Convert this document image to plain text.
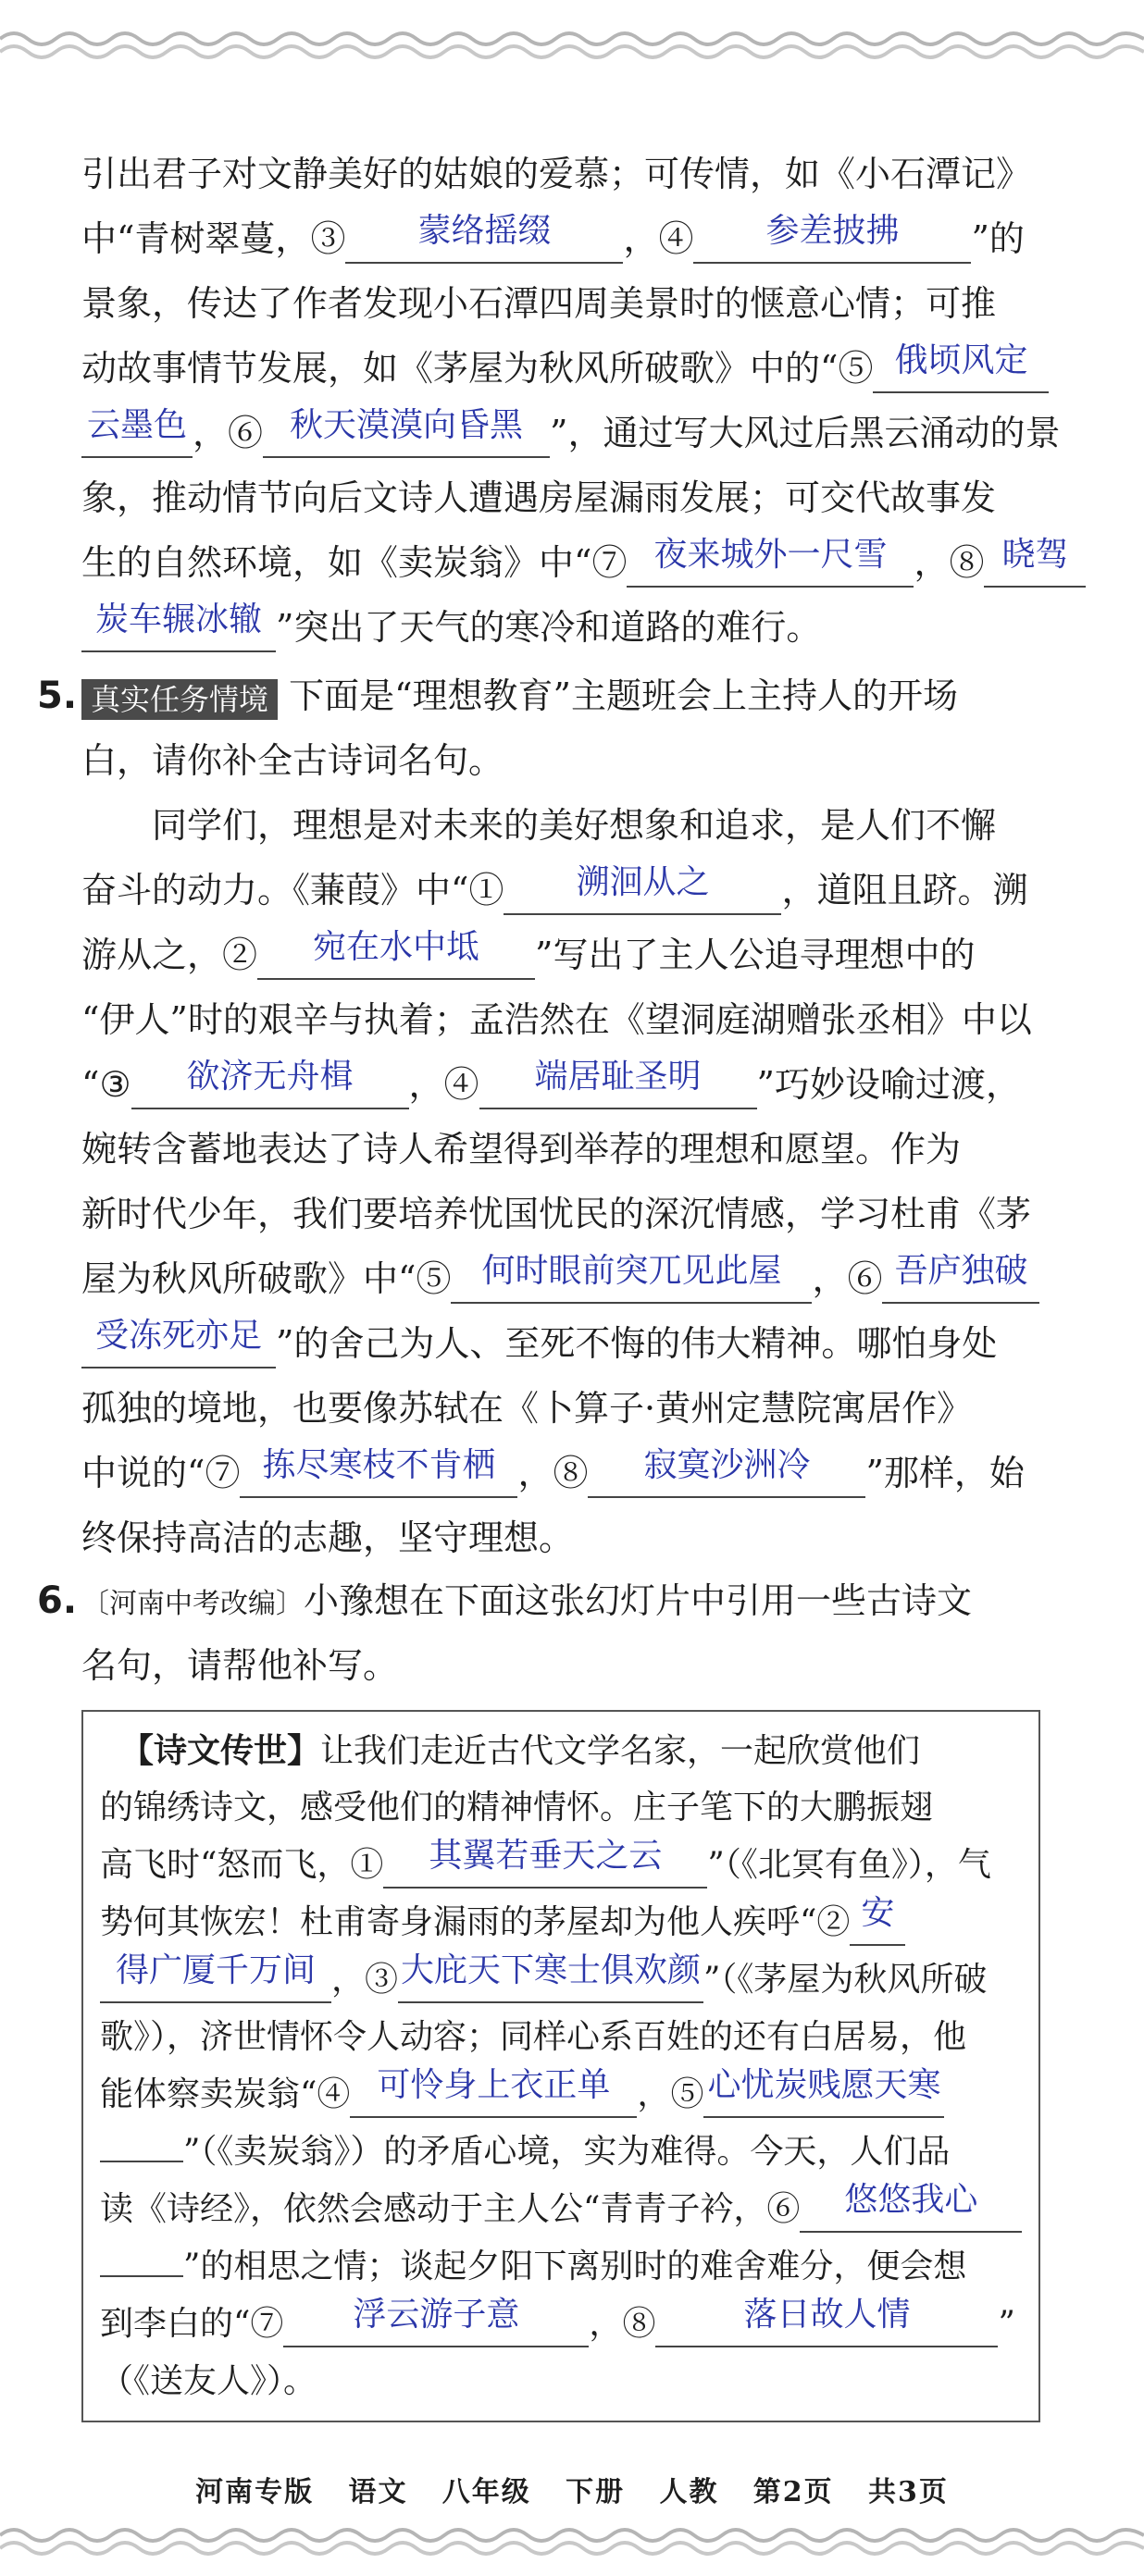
引出君子对文静美好的姑娘的爱慕；可传情，如《小石潭记》
中“青树翠蔓，③ 蒙络摇缀 ，④ 参差披拂 ”的
景象，传达了作者发现小石潭四周美景时的惬意心情；可推
动故事情节发展，如《茅屋为秋风所破歌》中的“⑤ 俄顷风定
云墨色 ，⑥ 秋天漠漠向昏黑 ”，通过写大风过后黑云涌动的景
象，推动情节向后文诗人遭遇房屋漏雨发展；可交代故事发
生的自然环境，如《卖炭翁》中“⑦ 夜来城外一尺雪 ，⑧ 晓驾
炭车辗冰辙 ”突出了天气的寒冷和道路的难行。
5. 真实任务情境 下面是“理想教育”主题班会上主持人的开场
白，请你补全古诗词名句。
同学们，理想是对未来的美好想象和追求，是人们不懈
奋斗的动力。《蒹葭》中“① 溯洄从之 ，道阻且跻。溯
游从之，② 宛在水中坻 ”写出了主人公追寻理想中的
“伊人”时的艰辛与执着；孟浩然在《望洞庭湖赠张丞相》中以
“③ 欲济无舟楫 ，④ 端居耻圣明 ”巧妙设喻过渡，
婉转含蓄地表达了诗人希望得到举荐的理想和愿望。作为
新时代少年，我们要培养忧国忧民的深沉情感，学习杜甫《茅
屋为秋风所破歌》中“⑤ 何时眼前突兀见此屋 ，⑥ 吾庐独破
受冻死亦足 ”的舍己为人、至死不悔的伟大精神。哪怕身处
孤独的境地，也要像苏轼在《卜算子·黄州定慧院寓居作》
中说的“⑦ 拣尽寒枝不肯栖 ，⑧ 寂寞沙洲冷 ”那样，始
终保持高洁的志趣，坚守理想。
6. 〔河南中考改编〕小豫想在下面这张幻灯片中引用一些古诗文
名句，请帮他补写。
【诗文传世】让我们走近古代文学名家，一起欣赏他们
的锦绣诗文，感受他们的精神情怀。庄子笔下的大鹏振翅
高飞时“怒而飞，① 其翼若垂天之云 ”（《北冥有鱼》），气
势何其恢宏！杜甫寄身漏雨的茅屋却为他人疾呼“② 安
得广厦千万间 ，③大庇天下寒士俱欢颜”（《茅屋为秋风所破
歌》），济世情怀令人动容；同样心系百姓的还有白居易，他
能体察卖炭翁“④ 可怜身上衣正单 ，⑤ 心忧炭贱愿天寒
”（《卖炭翁》）的矛盾心境，实为难得。今天，人们品
读《诗经》，依然会感动于主人公“青青子衿，⑥ 悠悠我心
”的相思之情；谈起夕阳下离别时的难舍难分，便会想
到李白的“⑦ 浮云游子意 ，⑧	落日故人情	”
（《送友人》）。
河南专版   语文   八年级   下册   人教   第2页   共3页
